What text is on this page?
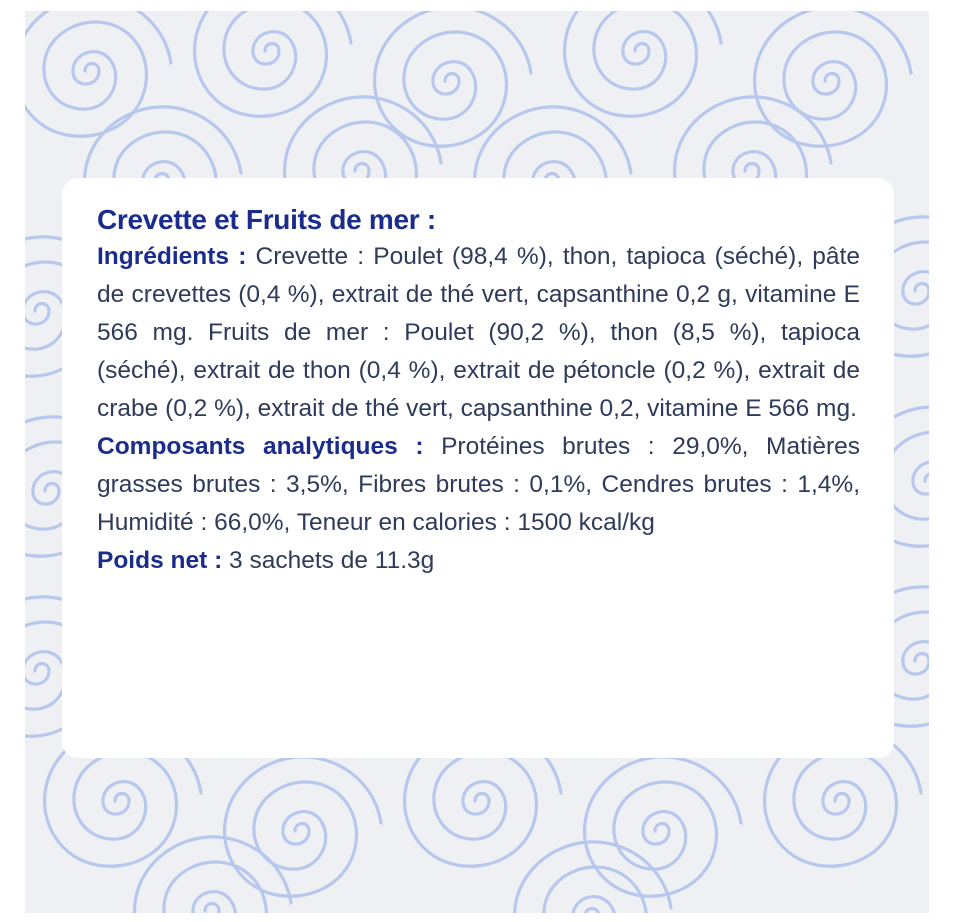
Crevette et Fruits de mer :

Ingrédients : Crevette : Poulet (98,4 %), thon, tapioca (séché), pâte de crevettes (0,4 %), extrait de thé vert, capsanthine 0,2 g, vitamine E 566 mg. Fruits de mer : Poulet (90,2 %), thon (8,5 %), tapioca (séché), extrait de thon (0,4 %), extrait de pétoncle (0,2 %), extrait de crabe (0,2 %), extrait de thé vert, capsanthine 0,2, vitamine E 566 mg.

Composants analytiques : Protéines brutes : 29,0%, Matières grasses brutes : 3,5%, Fibres brutes : 0,1%, Cendres brutes : 1,4%, Humidité : 66,0%, Teneur en calories : 1500 kcal/kg

Poids net : 3 sachets de 11.3g
